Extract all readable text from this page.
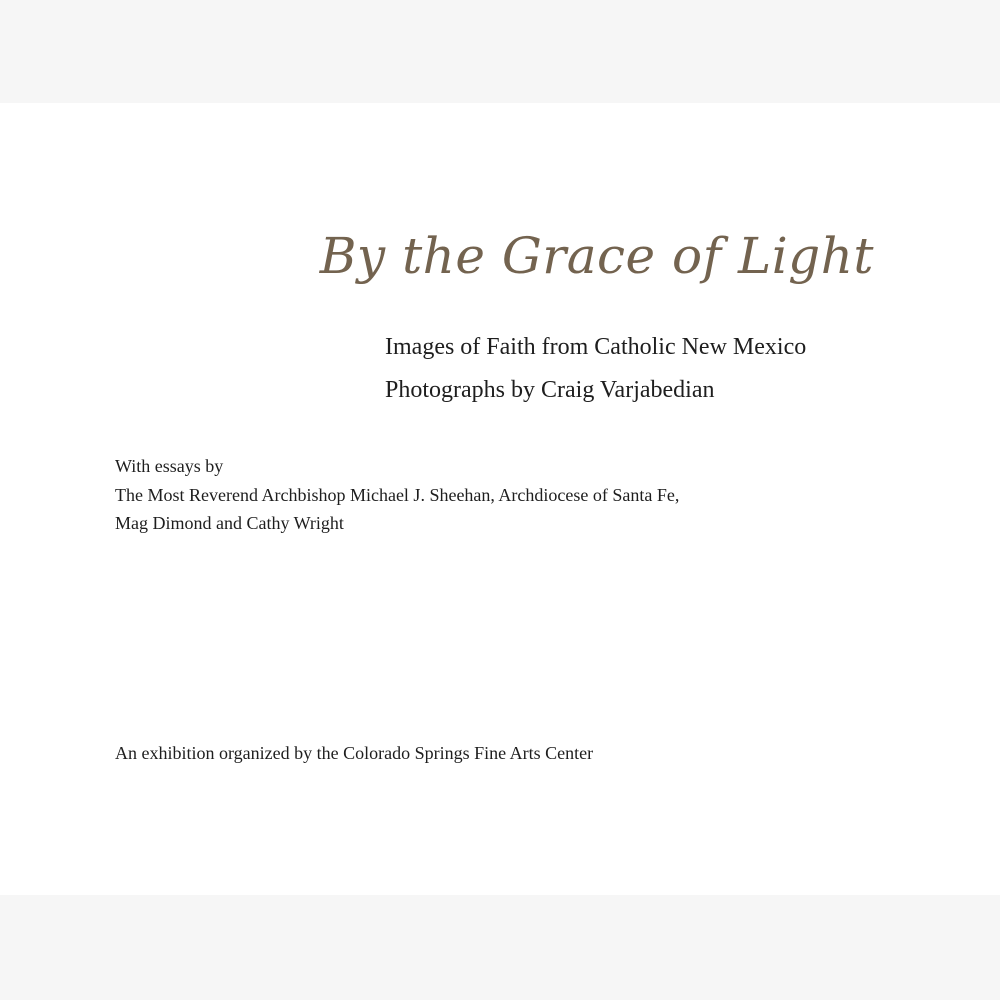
By the Grace of Light

Images of Faith from Catholic New Mexico

Photographs by Craig Varjabedian

With essays by
The Most Reverend Archbishop Michael J. Sheehan, Archdiocese of Santa Fe,
Mag Dimond and Cathy Wright

An exhibition organized by the Colorado Springs Fine Arts Center
